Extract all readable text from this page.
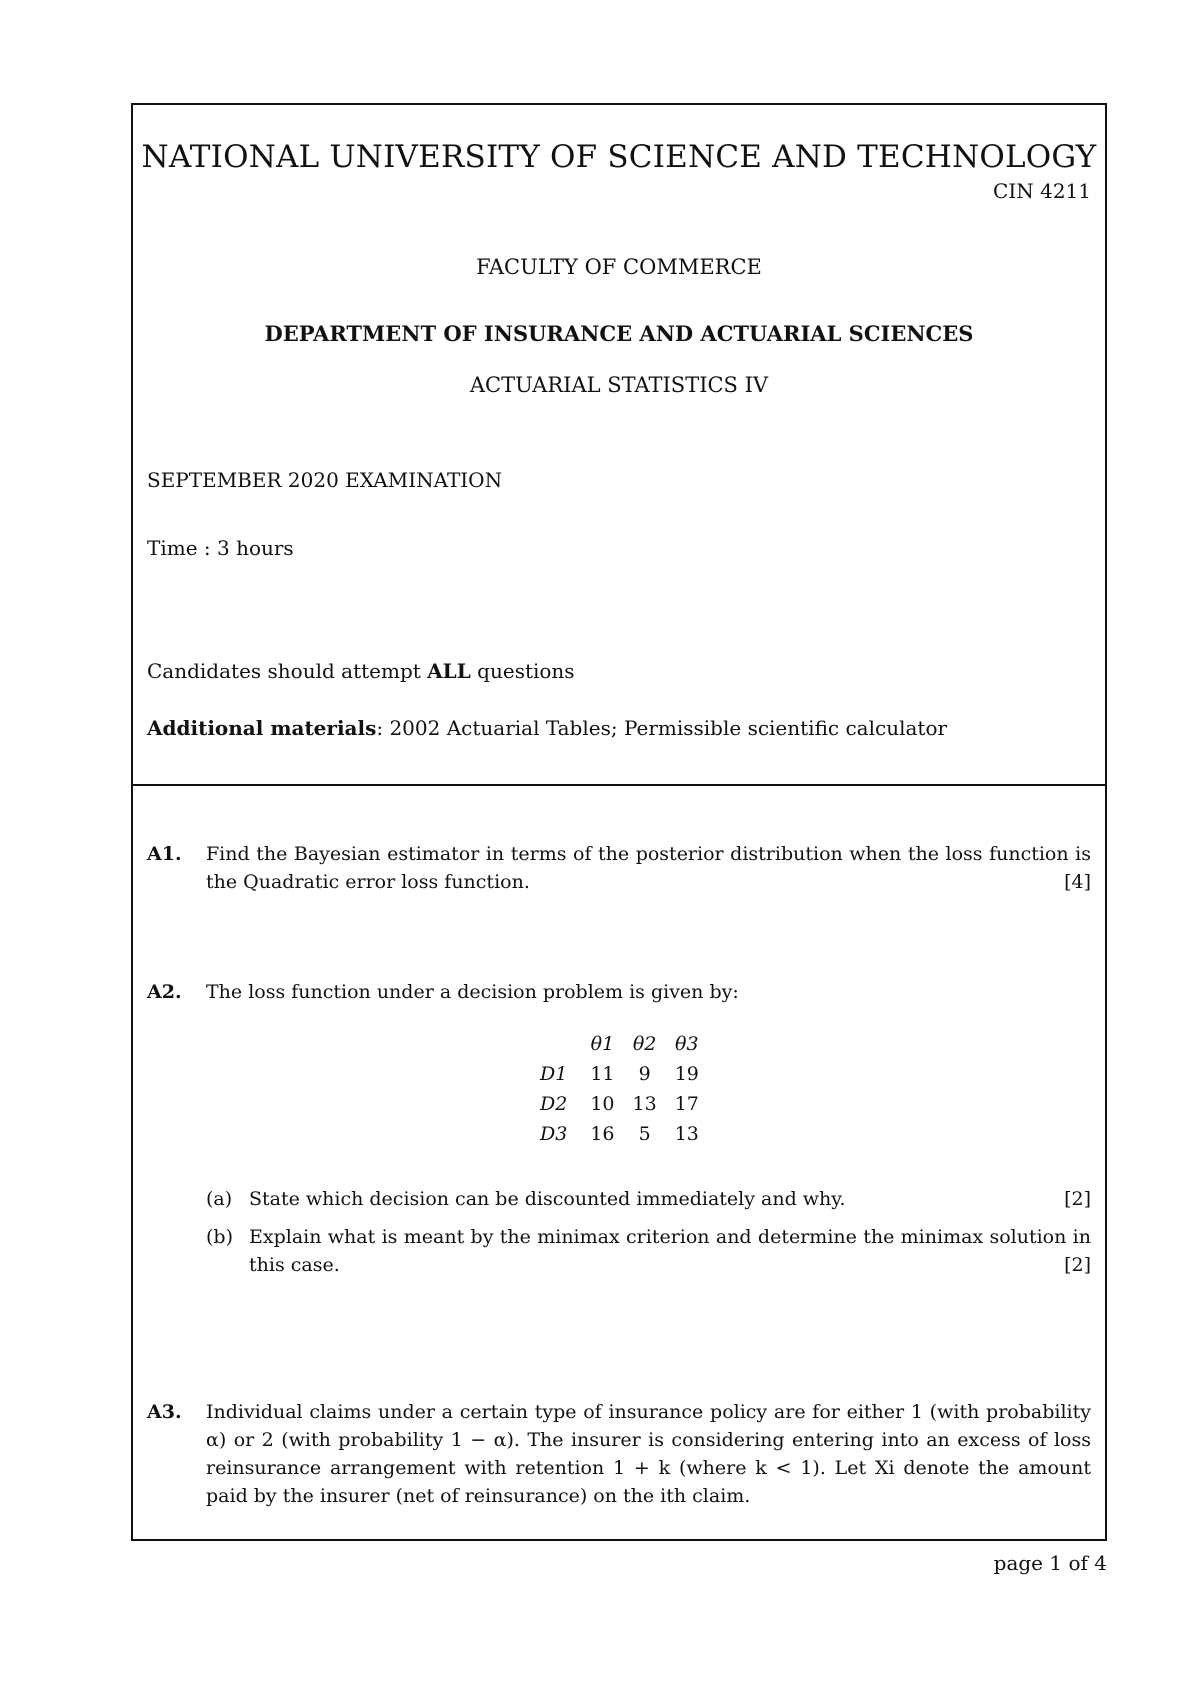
NATIONAL UNIVERSITY OF SCIENCE AND TECHNOLOGY
CIN 4211
FACULTY OF COMMERCE
DEPARTMENT OF INSURANCE AND ACTUARIAL SCIENCES
ACTUARIAL STATISTICS IV
SEPTEMBER 2020 EXAMINATION
Time : 3 hours
Candidates should attempt ALL questions
Additional materials: 2002 Actuarial Tables; Permissible scientific calculator
A1. Find the Bayesian estimator in terms of the posterior distribution when the loss function is the Quadratic error loss function.	[4]
A2. The loss function under a decision problem is given by:
	θ1	θ2	θ3
D1	11	9	19
D2	10	13	17
D3	16	5	13
(a) State which decision can be discounted immediately and why.	[2]
(b) Explain what is meant by the minimax criterion and determine the minimax solution in this case.	[2]
A3. Individual claims under a certain type of insurance policy are for either 1 (with probability α) or 2 (with probability 1 − α). The insurer is considering entering into an excess of loss reinsurance arrangement with retention 1 + k (where k < 1). Let Xi denote the amount paid by the insurer (net of reinsurance) on the ith claim.
page 1 of 4
